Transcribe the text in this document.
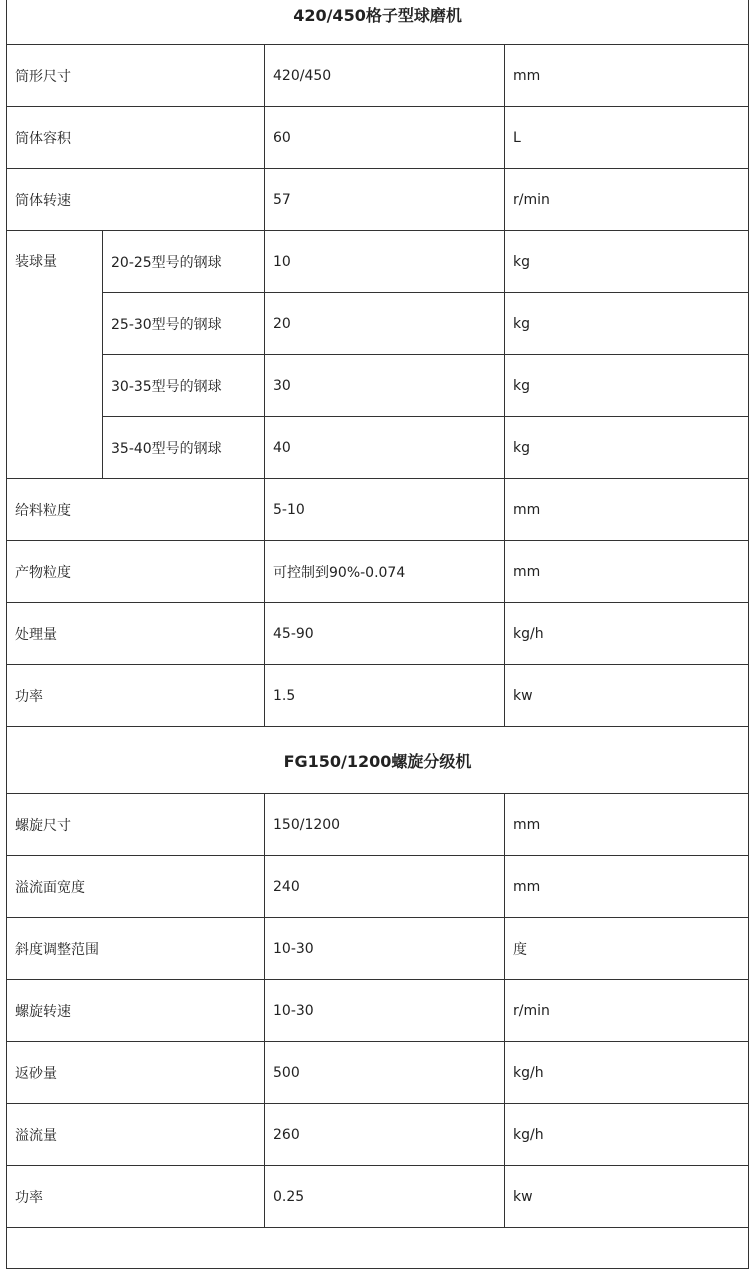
420/450格子型球磨机			
筒形尺寸		420/450	mm
筒体容积		60	L
筒体转速		57	r/min
装球量	20-25型号的钢球	10	kg
	25-30型号的钢球	20	kg
	30-35型号的钢球	30	kg
	35-40型号的钢球	40	kg
给料粒度		5-10	mm
产物粒度		可控制到90%-0.074	mm
处理量		45-90	kg/h
功率		1.5	kw
FG150/1200螺旋分级机			
螺旋尺寸		150/1200	mm
溢流面宽度		240	mm
斜度调整范围		10-30	度
螺旋转速		10-30	r/min
返砂量		500	kg/h
溢流量		260	kg/h
功率		0.25	kw
